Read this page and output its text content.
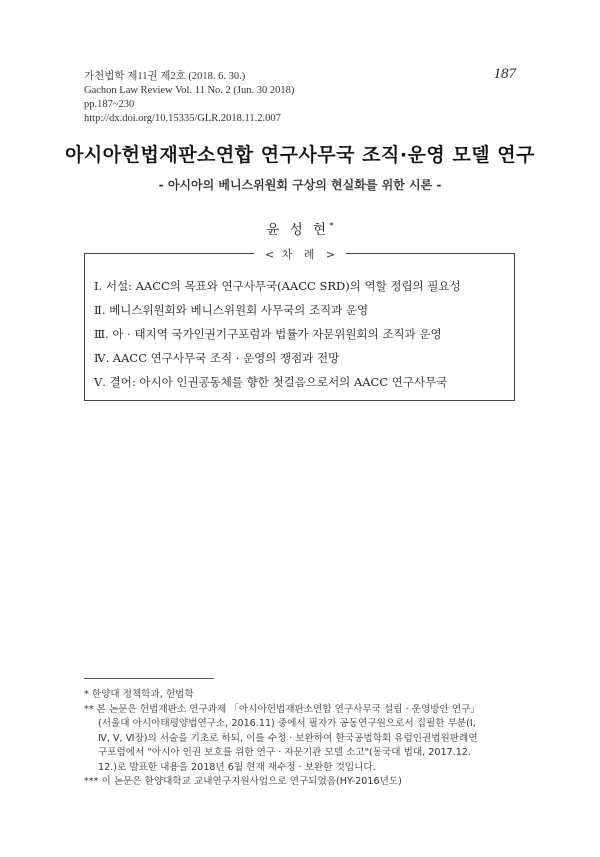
가천법학 제11권 제2호 (2018. 6. 30.)
Gachon Law Review Vol. 11 No. 2 (Jun. 30 2018)
pp.187~230
http://dx.doi.org/10.15335/GLR.2018.11.2.007
187
아시아헌법재판소연합 연구사무국 조직·운영 모델 연구
- 아시아의 베니스위원회 구상의 현실화를 위한 시론 -
윤 성 현*
< 차 례 >
Ⅰ. 서설: AACC의 목표와 연구사무국(AACC SRD)의 역할 정립의 필요성
Ⅱ. 베니스위원회와 베니스위원회 사무국의 조직과 운영
Ⅲ. 아 · 태지역 국가인권기구포럼과 법률가 자문위원회의 조직과 운영
Ⅳ. AACC 연구사무국 조직 · 운영의 쟁점과 전망
Ⅴ. 결어: 아시아 인권공동체를 향한 첫걸음으로서의 AACC 연구사무국
* 한양대 정책학과, 헌법학
** 본 논문은 헌법재판소 연구과제 「아시아헌법재판소연합 연구사무국 설립 · 운영방안 연구」
(서울대 아시아태평양법연구소, 2016.11) 중에서 필자가 공동연구원으로서 집필한 부분(Ⅰ,
Ⅳ, Ⅴ, Ⅵ장)의 서술을 기초로 하되, 이를 수정 · 보완하여 한국공법학회 유럽인권법원판례연
구포럼에서 "아시아 인권 보호를 위한 연구 · 자문기관 모델 소고"(동국대 법대, 2017.12.
12.)로 발표한 내용을 2018년 6월 현재 재수정 · 보완한 것입니다.
*** 이 논문은 한양대학교 교내연구지원사업으로 연구되었음(HY-2016년도)
